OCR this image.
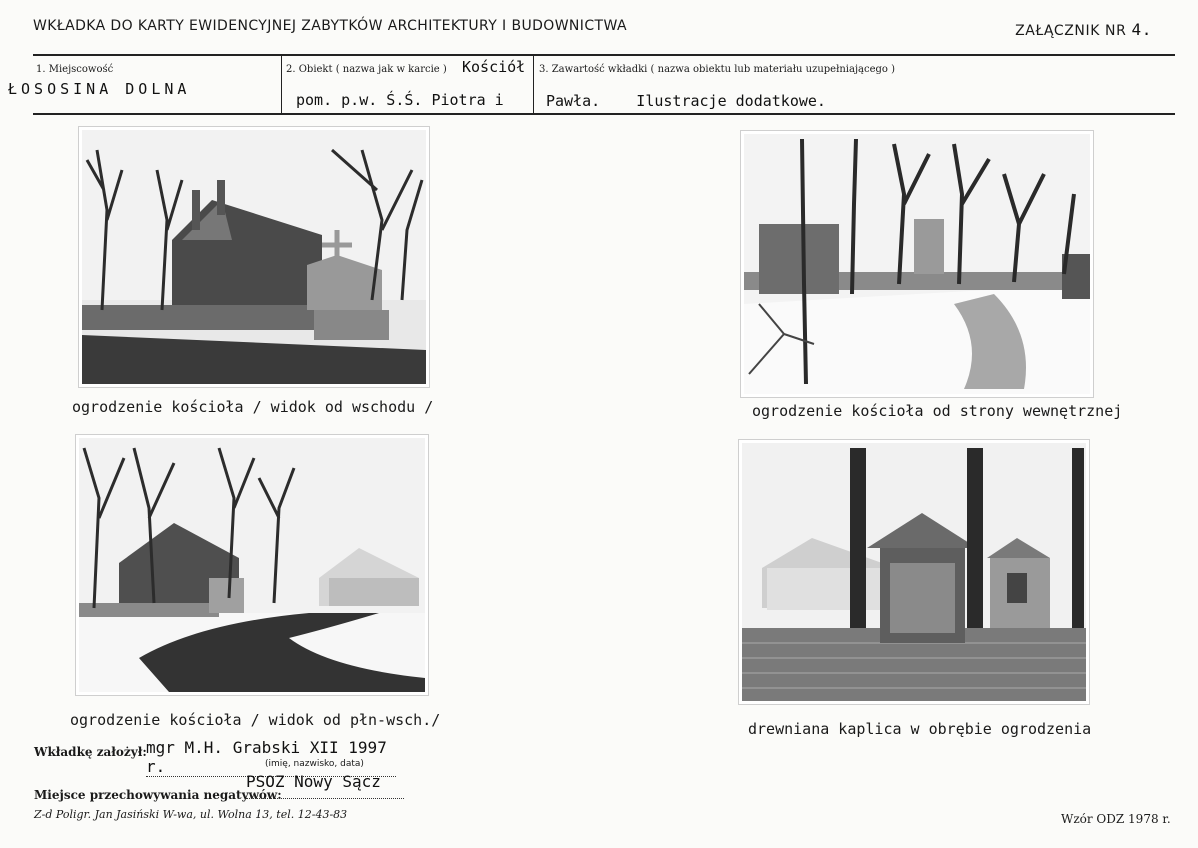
WKŁADKA DO KARTY EWIDENCYJNEJ ZABYTKÓW ARCHITEKTURY I BUDOWNICTWA	ZAŁĄCZNIK NR 4.
1. Miejscowość
ŁOSOSINA DOLNA
2. Obiekt ( nazwa jak w karcie ) Kościół
pom. p.w. Ś.Ś. Piotra i
3. Zawartość wkładki ( nazwa obiektu lub materiału uzupełniającego )
Pawła.    Ilustracje dodatkowe.
ogrodzenie kościoła / widok od wschodu /	ogrodzenie kościoła od strony wewnętrznej
ogrodzenie kościoła / widok od płn-wsch./	drewniana kaplica w obrębie ogrodzenia
Wkładkę założył: mgr M.H. Grabski XII 1997 r.	(imię, nazwisko, data)
PSOZ Nowy Sącz
Miejsce przechowywania negatywów:
Z-d Poligr. Jan Jasiński W-wa, ul. Wolna 13, tel. 12-43-83	Wzór ODZ 1978 r.
